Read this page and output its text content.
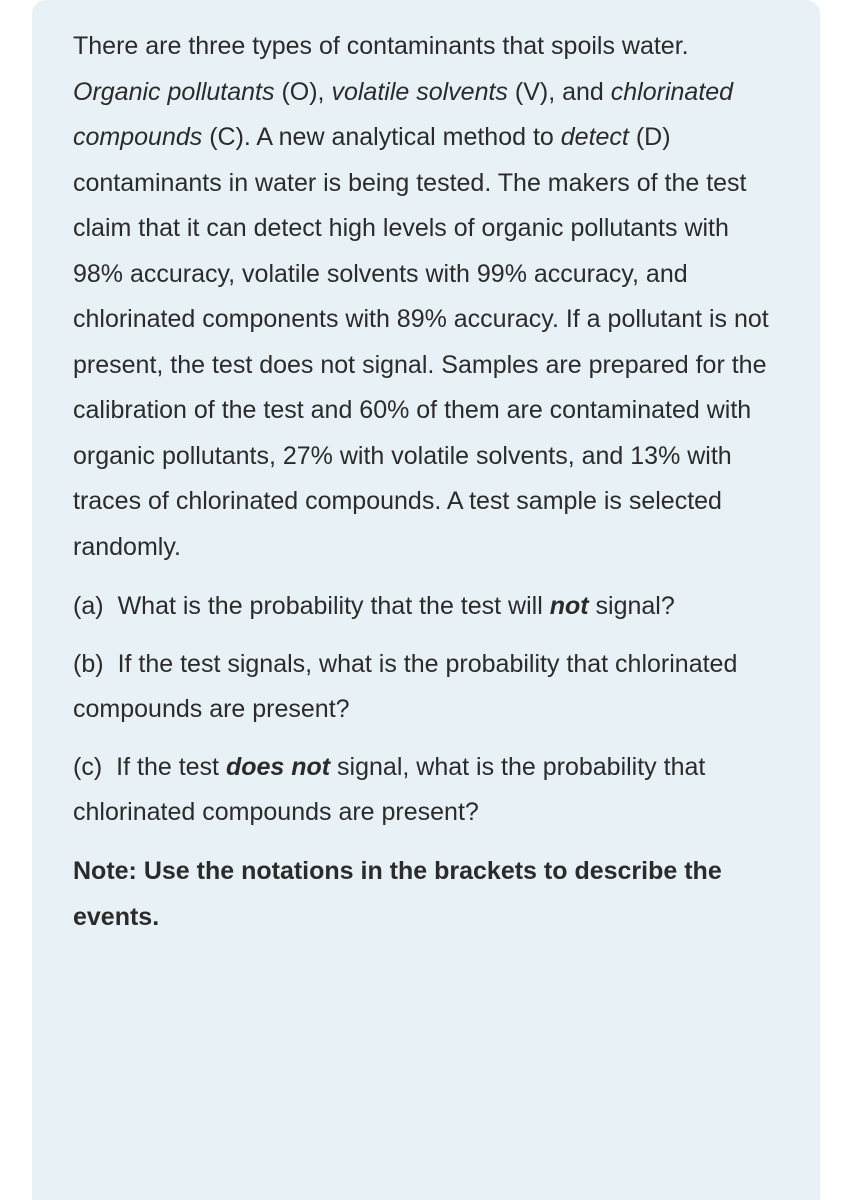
There are three types of contaminants that spoils water. Organic pollutants (O), volatile solvents (V), and chlorinated compounds (C). A new analytical method to detect (D) contaminants in water is being tested. The makers of the test claim that it can detect high levels of organic pollutants with 98% accuracy, volatile solvents with 99% accuracy, and chlorinated components with 89% accuracy. If a pollutant is not present, the test does not signal. Samples are prepared for the calibration of the test and 60% of them are contaminated with organic pollutants, 27% with volatile solvents, and 13% with traces of chlorinated compounds. A test sample is selected randomly.

(a) What is the probability that the test will not signal?

(b) If the test signals, what is the probability that chlorinated compounds are present?

(c) If the test does not signal, what is the probability that chlorinated compounds are present?

Note: Use the notations in the brackets to describe the events.
